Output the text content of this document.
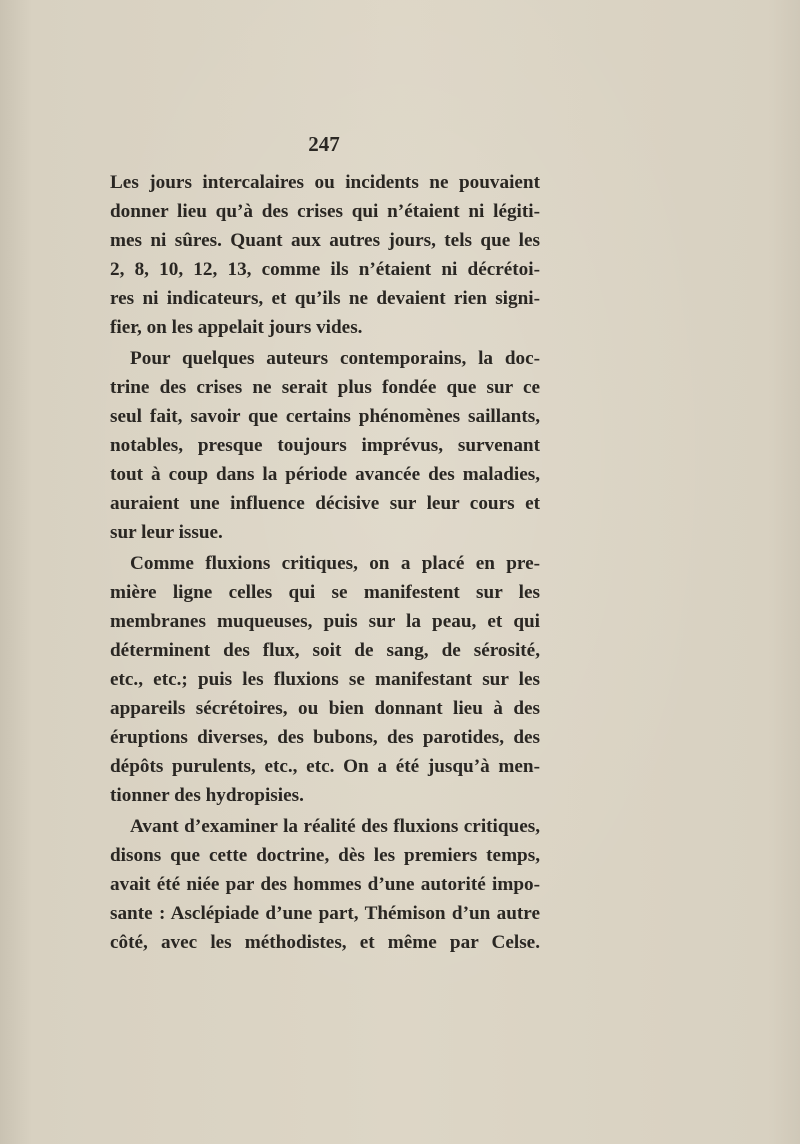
247
Les jours intercalaires ou incidents ne pouvaient
donner lieu qu’à des crises qui n’étaient ni légiti-
mes ni sûres. Quant aux autres jours, tels que les
2, 8, 10, 12, 13, comme ils n’étaient ni décrétoi-
res ni indicateurs, et qu’ils ne devaient rien signi-
fier, on les appelait jours vides.
Pour quelques auteurs contemporains, la doc-
trine des crises ne serait plus fondée que sur ce
seul fait, savoir que certains phénomènes saillants,
notables, presque toujours imprévus, survenant
tout à coup dans la période avancée des maladies,
auraient une influence décisive sur leur cours et
sur leur issue.
Comme fluxions critiques, on a placé en pre-
mière ligne celles qui se manifestent sur les
membranes muqueuses, puis sur la peau, et qui
déterminent des flux, soit de sang, de sérosité,
etc., etc.; puis les fluxions se manifestant sur les
appareils sécrétoires, ou bien donnant lieu à des
éruptions diverses, des bubons, des parotides, des
dépôts purulents, etc., etc. On a été jusqu’à men-
tionner des hydropisies.
Avant d’examiner la réalité des fluxions critiques,
disons que cette doctrine, dès les premiers temps,
avait été niée par des hommes d’une autorité impo-
sante : Asclépiade d’une part, Thémison d’un autre
côté, avec les méthodistes, et même par Celse.
